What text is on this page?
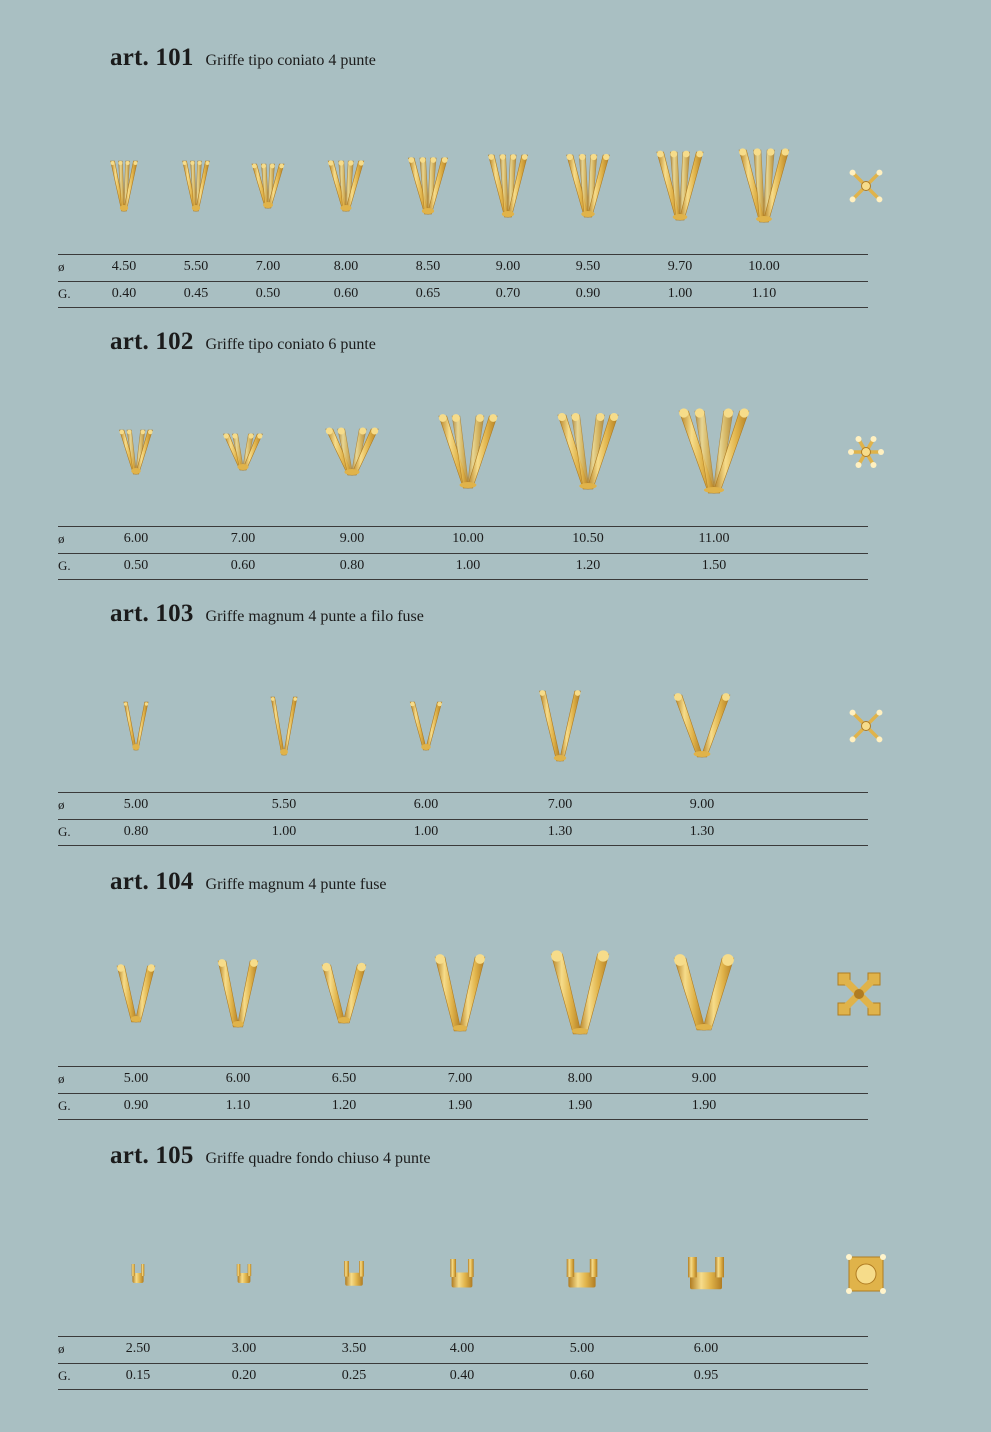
art. 101 Griffe tipo coniato 4 punte
ø	4.50	5.50	7.00	8.00	8.50	9.00	9.50	9.70	10.00
G.	0.40	0.45	0.50	0.60	0.65	0.70	0.90	1.00	1.10
art. 102 Griffe tipo coniato 6 punte
ø	6.00	7.00	9.00	10.00	10.50	11.00
G.	0.50	0.60	0.80	1.00	1.20	1.50
art. 103 Griffe magnum 4 punte a filo fuse
ø	5.00	5.50	6.00	7.00	9.00
G.	0.80	1.00	1.00	1.30	1.30
art. 104 Griffe magnum 4 punte fuse
ø	5.00	6.00	6.50	7.00	8.00	9.00
G.	0.90	1.10	1.20	1.90	1.90	1.90
art. 105 Griffe quadre fondo chiuso 4 punte
ø	2.50	3.00	3.50	4.00	5.00	6.00
G.	0.15	0.20	0.25	0.40	0.60	0.95
